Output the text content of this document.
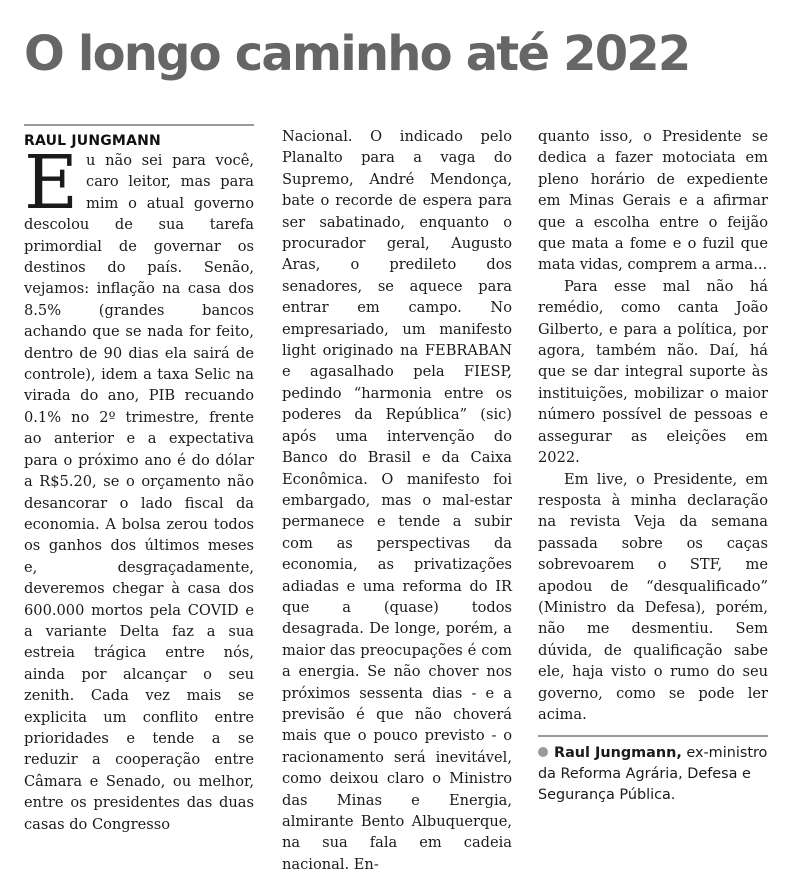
O longo caminho até 2022

RAUL JUNGMANN

Eu não sei para você, caro leitor, mas para mim o atual governo descolou de sua tarefa primordial de governar os destinos do país. Senão, vejamos: inflação na casa dos 8.5% (grandes bancos achando que se nada for feito, dentro de 90 dias ela sairá de controle), idem a taxa Selic na virada do ano, PIB recuando 0.1% no 2º trimestre, frente ao anterior e a expectativa para o próximo ano é do dólar a R$5.20, se o orçamento não desancorar o lado fiscal da economia. A bolsa zerou todos os ganhos dos últimos meses e, desgraçadamente, deveremos chegar à casa dos 600.000 mortos pela COVID e a variante Delta faz a sua estreia trágica entre nós, ainda por alcançar o seu zenith. Cada vez mais se explicita um conflito entre prioridades e tende a se reduzir a cooperação entre Câmara e Senado, ou melhor, entre os presidentes das duas casas do Congresso

Nacional. O indicado pelo Planalto para a vaga do Supremo, André Mendonça, bate o recorde de espera para ser sabatinado, enquanto o procurador geral, Augusto Aras, o predileto dos senadores, se aquece para entrar em campo. No empresariado, um manifesto light originado na FEBRABAN e agasalhado pela FIESP, pedindo “harmonia entre os poderes da República” (sic) após uma intervenção do Banco do Brasil e da Caixa Econômica. O manifesto foi embargado, mas o mal-estar permanece e tende a subir com as perspectivas da economia, as privatizações adiadas e uma reforma do IR que a (quase) todos desagrada. De longe, porém, a maior das preocupações é com a energia. Se não chover nos próximos sessenta dias - e a previsão é que não choverá mais que o pouco previsto - o racionamento será inevitável, como deixou claro o Ministro das Minas e Energia, almirante Bento Albuquerque, na sua fala em cadeia nacional. En-

quanto isso, o Presidente se dedica a fazer motociata em pleno horário de expediente em Minas Gerais e a afirmar que a escolha entre o feijão que mata a fome e o fuzil que mata vidas, comprem a arma...

Para esse mal não há remédio, como canta João Gilberto, e para a política, por agora, também não. Daí, há que se dar integral suporte às instituições, mobilizar o maior número possível de pessoas e assegurar as eleições em 2022.

Em live, o Presidente, em resposta à minha declaração na revista Veja da semana passada sobre os caças sobrevoarem o STF, me apodou de “desqualificado” (Ministro da Defesa), porém, não me desmentiu. Sem dúvida, de qualificação sabe ele, haja visto o rumo do seu governo, como se pode ler acima.

Raul Jungmann, ex-ministro da Reforma Agrária, Defesa e Segurança Pública.
